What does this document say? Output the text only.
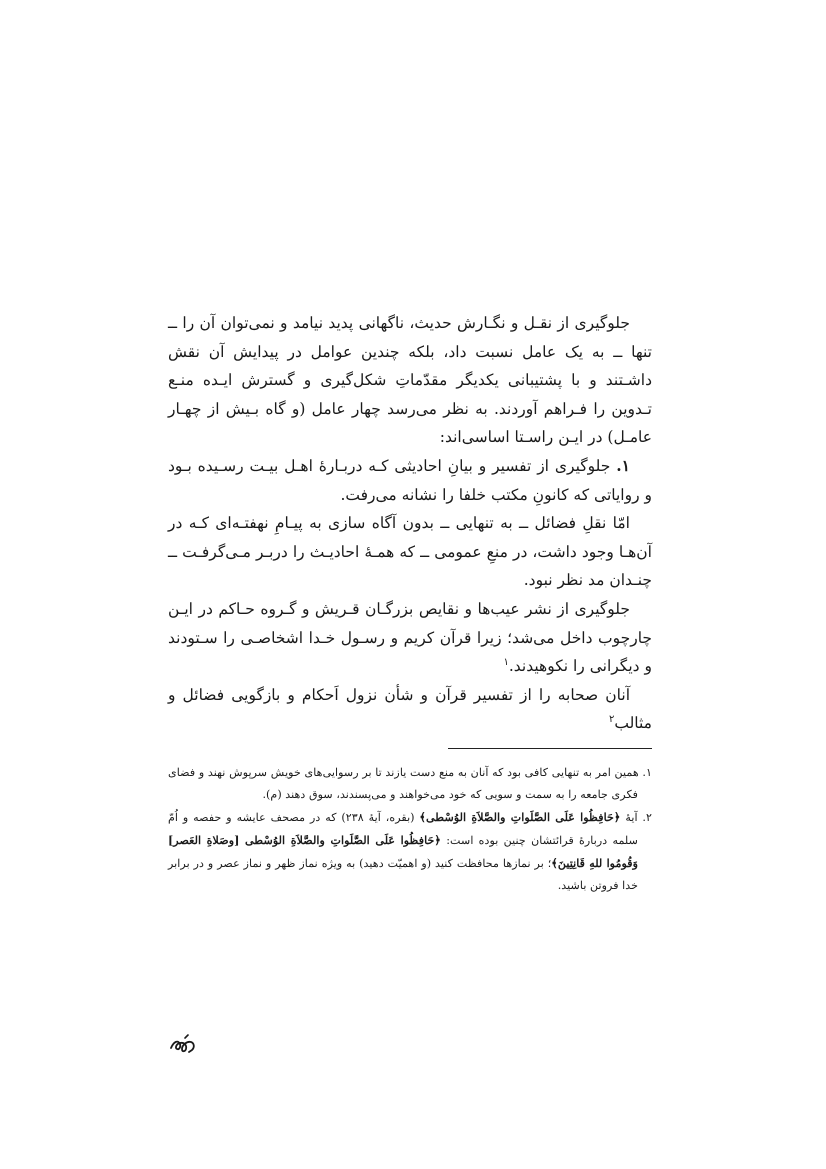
جلوگیری از نقـل و نگـارش حدیث، ناگهانی پدید نیامد و نمی‌توان آن را ــ تنها ــ به یک عامل نسبت داد، بلکه چندین عوامل در پیدایش آن نقش داشـتند و با پشتیبانی یکدیگر مقدّماتِ شکل‌گیری و گسترش ایـده منـع تـدوین را فـراهم آوردند. به نظر می‌رسد چهار عامل (و گاه بـیش از چهـار عامـل) در ایـن راسـتا اساسی‌اند:

۱. جلوگیری از تفسیر و بیانِ احادیثی کـه دربـارهٔ اهـل بیـت رسـیده بـود و روایاتی که کانونِ مکتب خلفا را نشانه می‌رفت.

امّا نقلِ فضائل ــ به تنهایی ــ بدون آگاه سازی به پیـامِ نهفتـه‌ای کـه در آن‌هـا وجود داشت، در منعِ عمومی ــ که همـهٔ احادیـث را دربـر مـی‌گرفـت ــ چنـدان مد نظر نبود.

جلوگیری از نشر عیب‌ها و نقایص بزرگـان قـریش و گـروه حـاکم در ایـن چارچوب داخل می‌شد؛ زیرا قرآن کریم و رسـول خـدا اشخاصـی را سـتودند و دیگرانی را نکوهیدند.$^۱$

آنان صحابه را از تفسیر قرآن و شأن نزول اَحکام و بازگویی فضائل و مثالب$^۲$

۱. همین امر به تنهایی کافی بود که آنان به منع دست یازند تا بر رسوایی‌های خویش سرپوش نهند و فضای فکری جامعه را به سمت و سویی که خود می‌خواهند و می‌پسندند، سوق دهند (م).

۲. آیهٔ ﴿حَافِظُوا عَلَی الصَّلَواتِ والصَّلاَةِ الوُسْطی﴾ (بقره، آیهٔ ۲۳۸) که در مصحف عایشه و حفصه و اُمّ سلمه دربارهٔ قرائتشان چنین بوده است: ﴿حَافِظُوا عَلَی الصَّلَواتِ والصَّلاَةِ الوُسْطی [وصَلاةِ العَصر] وَقُومُوا للهِ قَانِتِینَ﴾؛ بر نمازها محافظت کنید (و اهمیّت دهید) به ویژه نماز ظهر و نماز عصر و در برابر خدا فروتن باشید.
